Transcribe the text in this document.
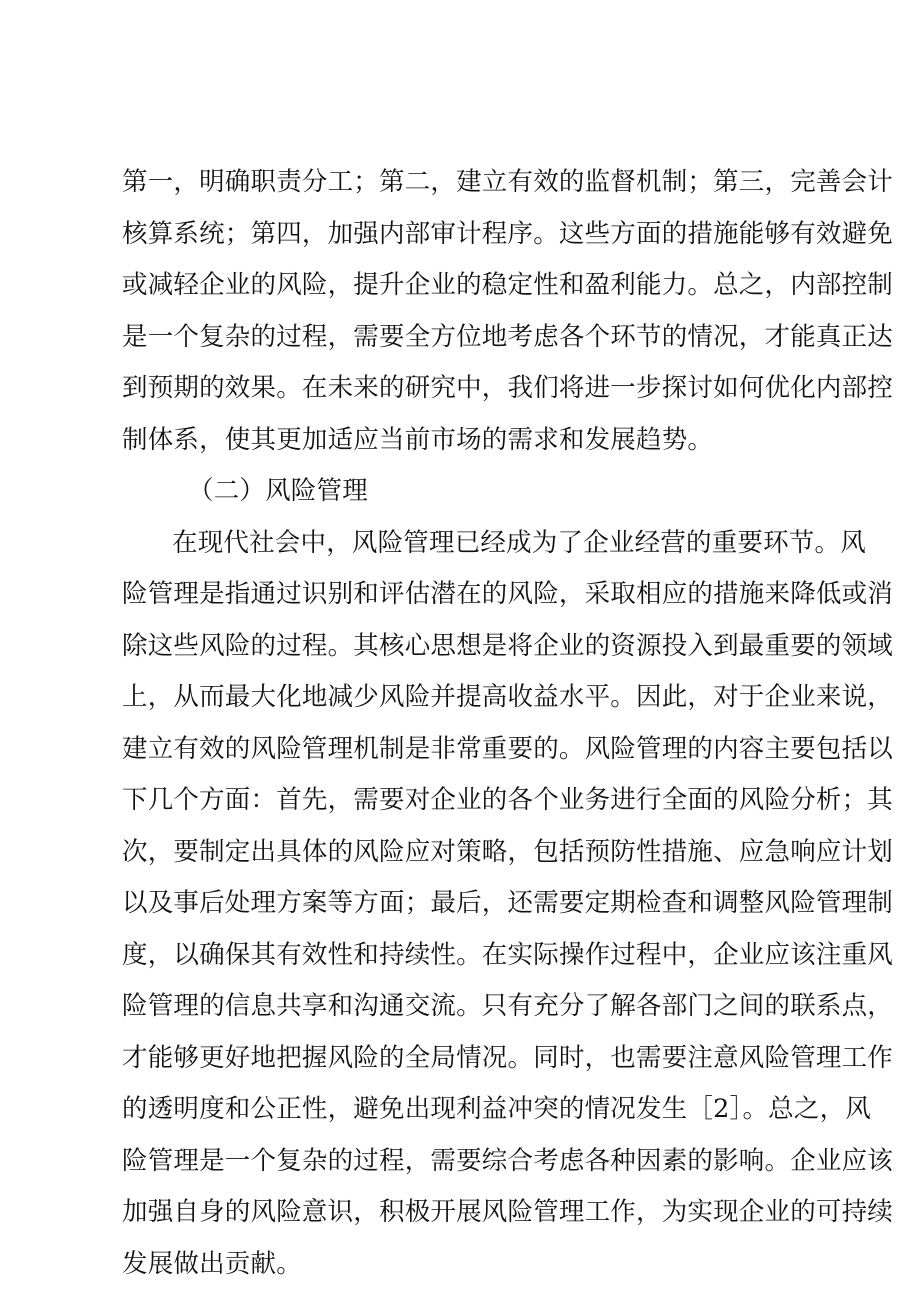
第一，明确职责分工；第二，建立有效的监督机制；第三，完善会计
核算系统；第四，加强内部审计程序。这些方面的措施能够有效避免
或减轻企业的风险，提升企业的稳定性和盈利能力。总之，内部控制
是一个复杂的过程，需要全方位地考虑各个环节的情况，才能真正达
到预期的效果。在未来的研究中，我们将进一步探讨如何优化内部控
制体系，使其更加适应当前市场的需求和发展趋势。
（二）风险管理
在现代社会中，风险管理已经成为了企业经营的重要环节。风
险管理是指通过识别和评估潜在的风险，采取相应的措施来降低或消
除这些风险的过程。其核心思想是将企业的资源投入到最重要的领域
上，从而最大化地减少风险并提高收益水平。因此，对于企业来说，
建立有效的风险管理机制是非常重要的。风险管理的内容主要包括以
下几个方面：首先，需要对企业的各个业务进行全面的风险分析；其
次，要制定出具体的风险应对策略，包括预防性措施、应急响应计划
以及事后处理方案等方面；最后，还需要定期检查和调整风险管理制
度，以确保其有效性和持续性。在实际操作过程中，企业应该注重风
险管理的信息共享和沟通交流。只有充分了解各部门之间的联系点，
才能够更好地把握风险的全局情况。同时，也需要注意风险管理工作
的透明度和公正性，避免出现利益冲突的情况发生［2］。总之，风
险管理是一个复杂的过程，需要综合考虑各种因素的影响。企业应该
加强自身的风险意识，积极开展风险管理工作，为实现企业的可持续
发展做出贡献。
